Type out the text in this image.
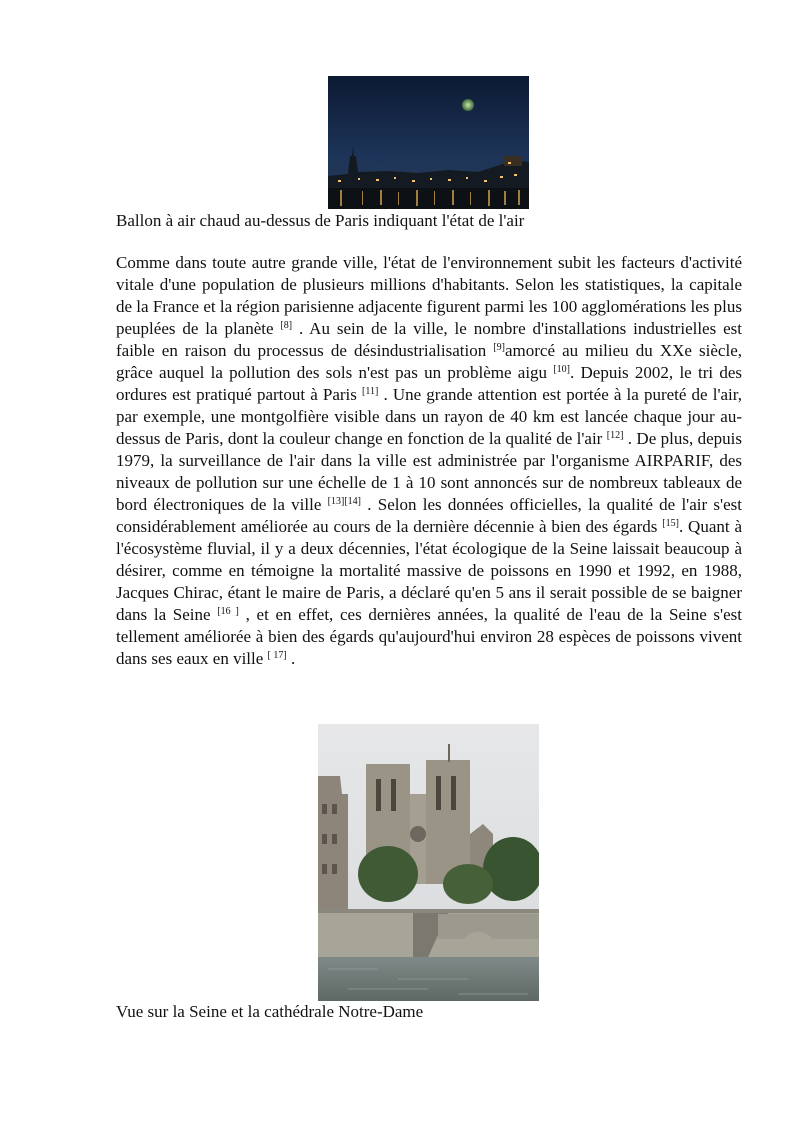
Ballon à air chaud au-dessus de Paris indiquant l'état de l'air

Comme dans toute autre grande ville, l'état de l'environnement subit les facteurs d'activité vitale d'une population de plusieurs millions d'habitants. Selon les statistiques, la capitale de la France et la région parisienne adjacente figurent parmi les 100 agglomérations les plus peuplées de la planète [8] . Au sein de la ville, le nombre d'installations industrielles est faible en raison du processus de désindustrialisation [9]amorcé au milieu du XXe siècle, grâce auquel la pollution des sols n'est pas un problème aigu [10]. Depuis 2002, le tri des ordures est pratiqué partout à Paris [11] . Une grande attention est portée à la pureté de l'air, par exemple, une montgolfière visible dans un rayon de 40 km est lancée chaque jour au-dessus de Paris, dont la couleur change en fonction de la qualité de l'air [12] . De plus, depuis 1979, la surveillance de l'air dans la ville est administrée par l'organisme AIRPARIF, des niveaux de pollution sur une échelle de 1 à 10 sont annoncés sur de nombreux tableaux de bord électroniques de la ville [13][14] . Selon les données officielles, la qualité de l'air s'est considérablement améliorée au cours de la dernière décennie à bien des égards [15]. Quant à l'écosystème fluvial, il y a deux décennies, l'état écologique de la Seine laissait beaucoup à désirer, comme en témoigne la mortalité massive de poissons en 1990 et 1992, en 1988, Jacques Chirac, étant le maire de Paris, a déclaré qu'en 5 ans il serait possible de se baigner dans la Seine [16 ] , et en effet, ces dernières années, la qualité de l'eau de la Seine s'est tellement améliorée à bien des égards qu'aujourd'hui environ 28 espèces de poissons vivent dans ses eaux en ville [ 17] .

Vue sur la Seine et la cathédrale Notre-Dame
